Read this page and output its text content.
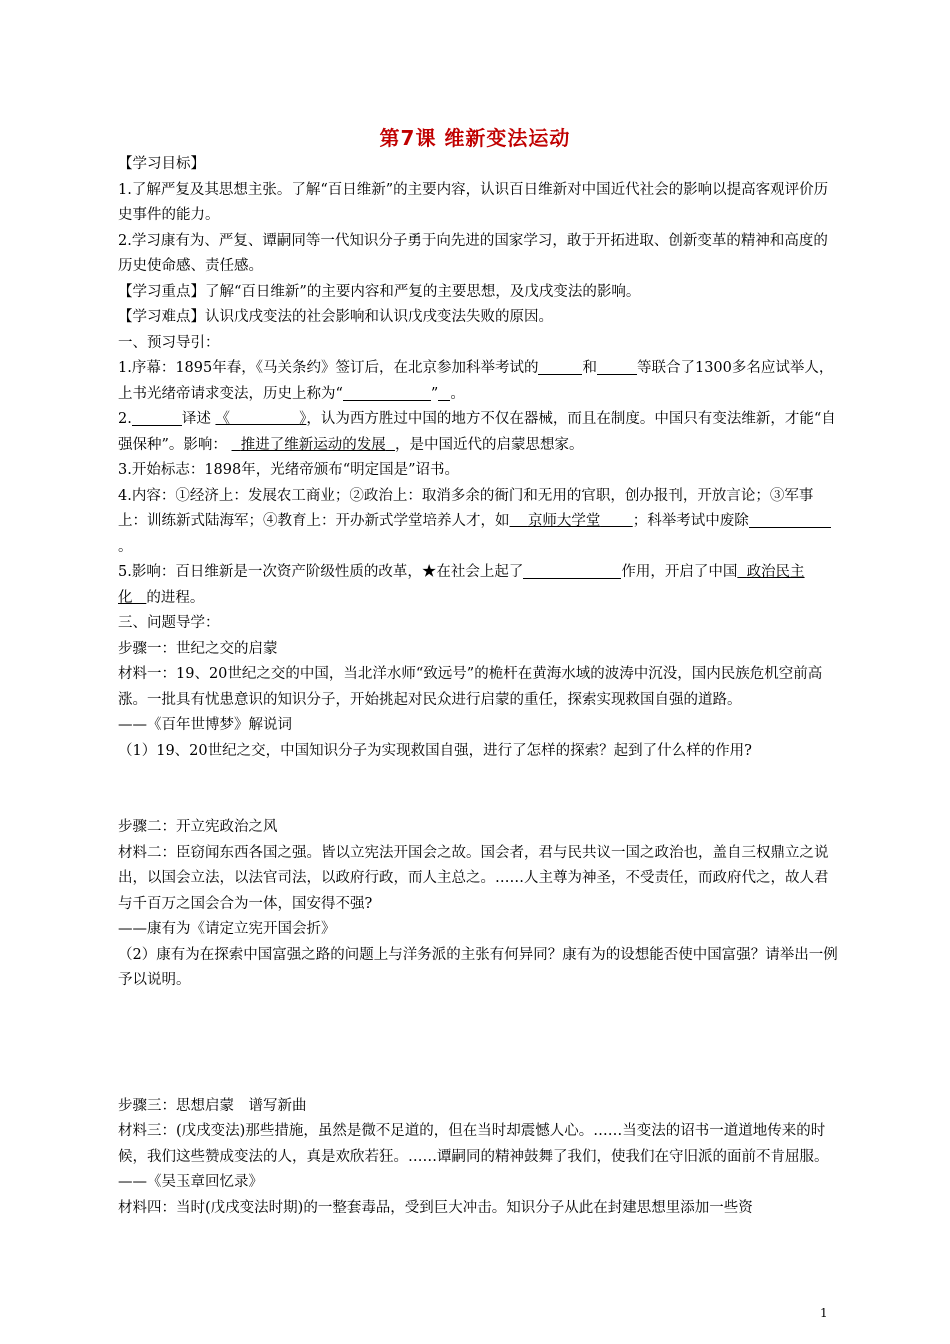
第7课 维新变法运动

【学习目标】

1.了解严复及其思想主张。了解“百日维新”的主要内容，认识百日维新对中国近代社会的影响以提高客观评价历史事件的能力。

2.学习康有为、严复、谭嗣同等一代知识分子勇于向先进的国家学习，敢于开拓进取、创新变革的精神和高度的历史使命感、责任感。

【学习重点】了解“百日维新”的主要内容和严复的主要思想，及戊戌变法的影响。

【学习难点】认识戊戌变法的社会影响和认识戊戌变法失败的原因。

一、预习导引：

1.序幕：1895年春，《马关条约》签订后，在北京参加科举考试的	和	等联合了1300多名应试举人，上书光绪帝请求变法，历史上称为“	” 。

2.	译述 《	》，认为西方胜过中国的地方不仅在器械，而且在制度。中国只有变法维新，才能“自强保种”。影响： 推进了维新运动的发展 ，是中国近代的启蒙思想家。

3.开始标志：1898年，光绪帝颁布“明定国是”诏书。

4.内容：①经济上：发展农工商业；②政治上：取消多余的衙门和无用的官职，创办报刊，开放言论；③军事上：训练新式陆海军；④教育上：开办新式学堂培养人才，如 京师大学堂 ；科举考试中废除。

5.影响：百日维新是一次资产阶级性质的改革，★在社会上起了	作用，开启了中国 政治民主化 的进程。

三、问题导学：

步骤一：世纪之交的启蒙

材料一：19、20世纪之交的中国，当北洋水师“致远号”的桅杆在黄海水域的波涛中沉没，国内民族危机空前高涨。一批具有忧患意识的知识分子，开始挑起对民众进行启蒙的重任，探索实现救国自强的道路。

——《百年世博梦》解说词

（1）19、20世纪之交，中国知识分子为实现救国自强，进行了怎样的探索？起到了什么样的作用?

步骤二：开立宪政治之风

材料二：臣窃闻东西各国之强。皆以立宪法开国会之故。国会者，君与民共议一国之政治也，盖自三权鼎立之说出，以国会立法，以法官司法，以政府行政，而人主总之。……人主尊为神圣，不受责任，而政府代之，故人君与千百万之国会合为一体，国安得不强?

——康有为《请定立宪开国会折》

（2）康有为在探索中国富强之路的问题上与洋务派的主张有何异同？康有为的设想能否使中国富强？请举出一例予以说明。

步骤三：思想启蒙　谱写新曲

材料三：(戊戌变法)那些措施，虽然是微不足道的，但在当时却震憾人心。……当变法的诏书一道道地传来的时候，我们这些赞成变法的人，真是欢欣若狂。……谭嗣同的精神鼓舞了我们，使我们在守旧派的面前不肯屈服。

——《吴玉章回忆录》

材料四：当时(戊戌变法时期)的一整套毒品，受到巨大冲击。知识分子从此在封建思想里添加一些资

1
